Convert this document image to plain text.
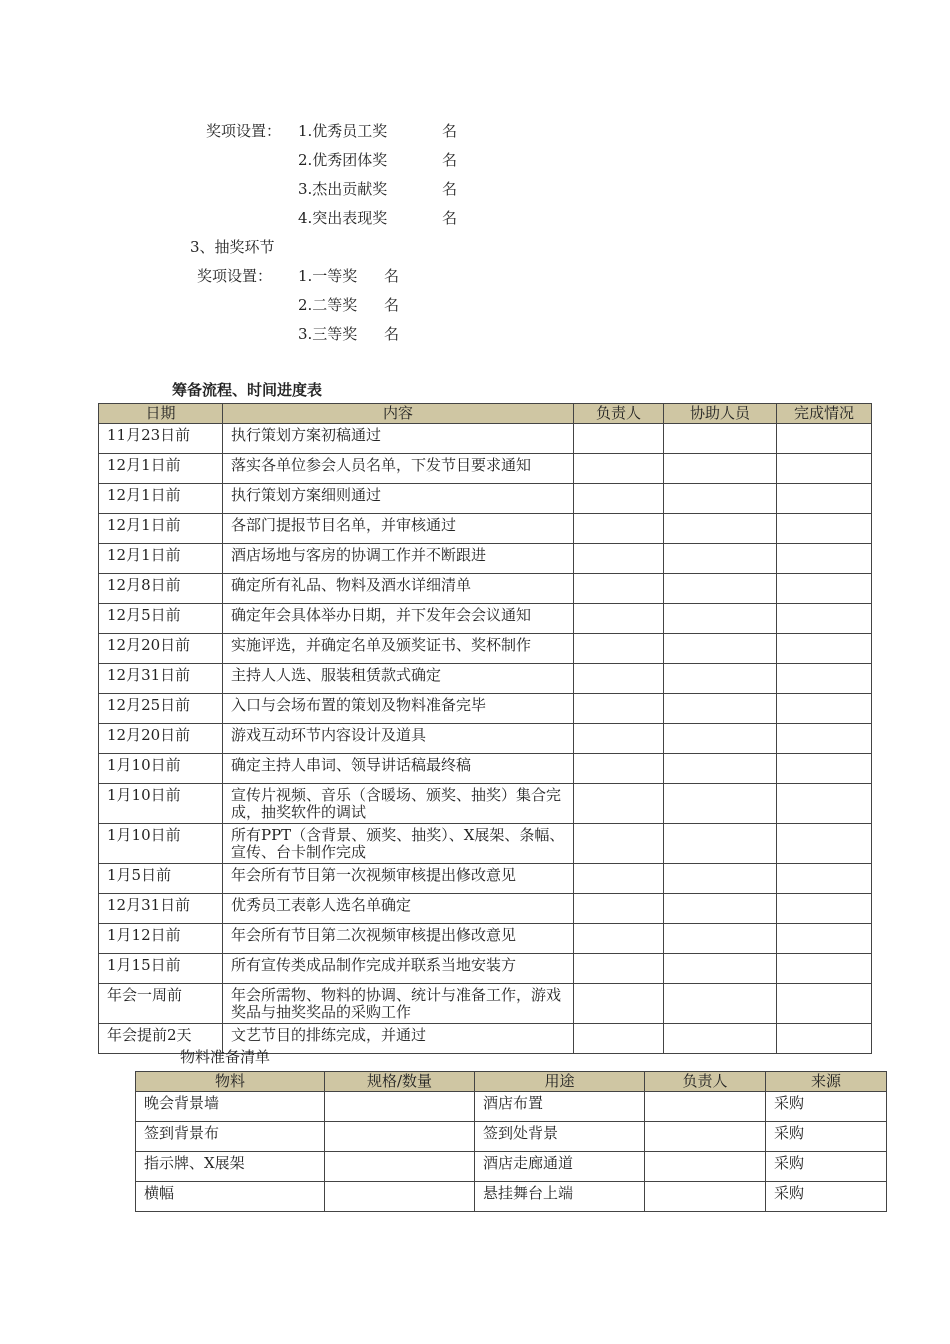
奖项设置： 1.优秀员工奖	名
2.优秀团体奖	名
3.杰出贡献奖	名
4.突出表现奖	名
3、抽奖环节
奖项设置： 1.一等奖 名
2.二等奖 名
3.三等奖 名
筹备流程、时间进度表
日期	内容	负责人	协助人员	完成情况
11月23日前	执行策划方案初稿通过			
12月1日前	落实各单位参会人员名单，下发节目要求通知			
12月1日前	执行策划方案细则通过			
12月1日前	各部门提报节目名单，并审核通过			
12月1日前	酒店场地与客房的协调工作并不断跟进			
12月8日前	确定所有礼品、物料及酒水详细清单			
12月5日前	确定年会具体举办日期，并下发年会会议通知			
12月20日前	实施评选，并确定名单及颁奖证书、奖杯制作			
12月31日前	主持人人选、服装租赁款式确定			
12月25日前	入口与会场布置的策划及物料准备完毕			
12月20日前	游戏互动环节内容设计及道具			
1月10日前	确定主持人串词、领导讲话稿最终稿			
1月10日前	宣传片视频、音乐（含暖场、颁奖、抽奖）集合完成，抽奖软件的调试			
1月10日前	所有PPT（含背景、颁奖、抽奖）、X展架、条幅、宣传、台卡制作完成			
1月5日前	年会所有节目第一次视频审核提出修改意见			
12月31日前	优秀员工表彰人选名单确定			
1月12日前	年会所有节目第二次视频审核提出修改意见			
1月15日前	所有宣传类成品制作完成并联系当地安装方			
年会一周前	年会所需物、物料的协调、统计与准备工作，游戏奖品与抽奖奖品的采购工作			
年会提前2天	文艺节目的排练完成，并通过			
物料准备清单
物料	规格/数量	用途	负责人	来源
晚会背景墙		酒店布置		采购
签到背景布		签到处背景		采购
指示牌、X展架		酒店走廊通道		采购
横幅		悬挂舞台上端		采购
